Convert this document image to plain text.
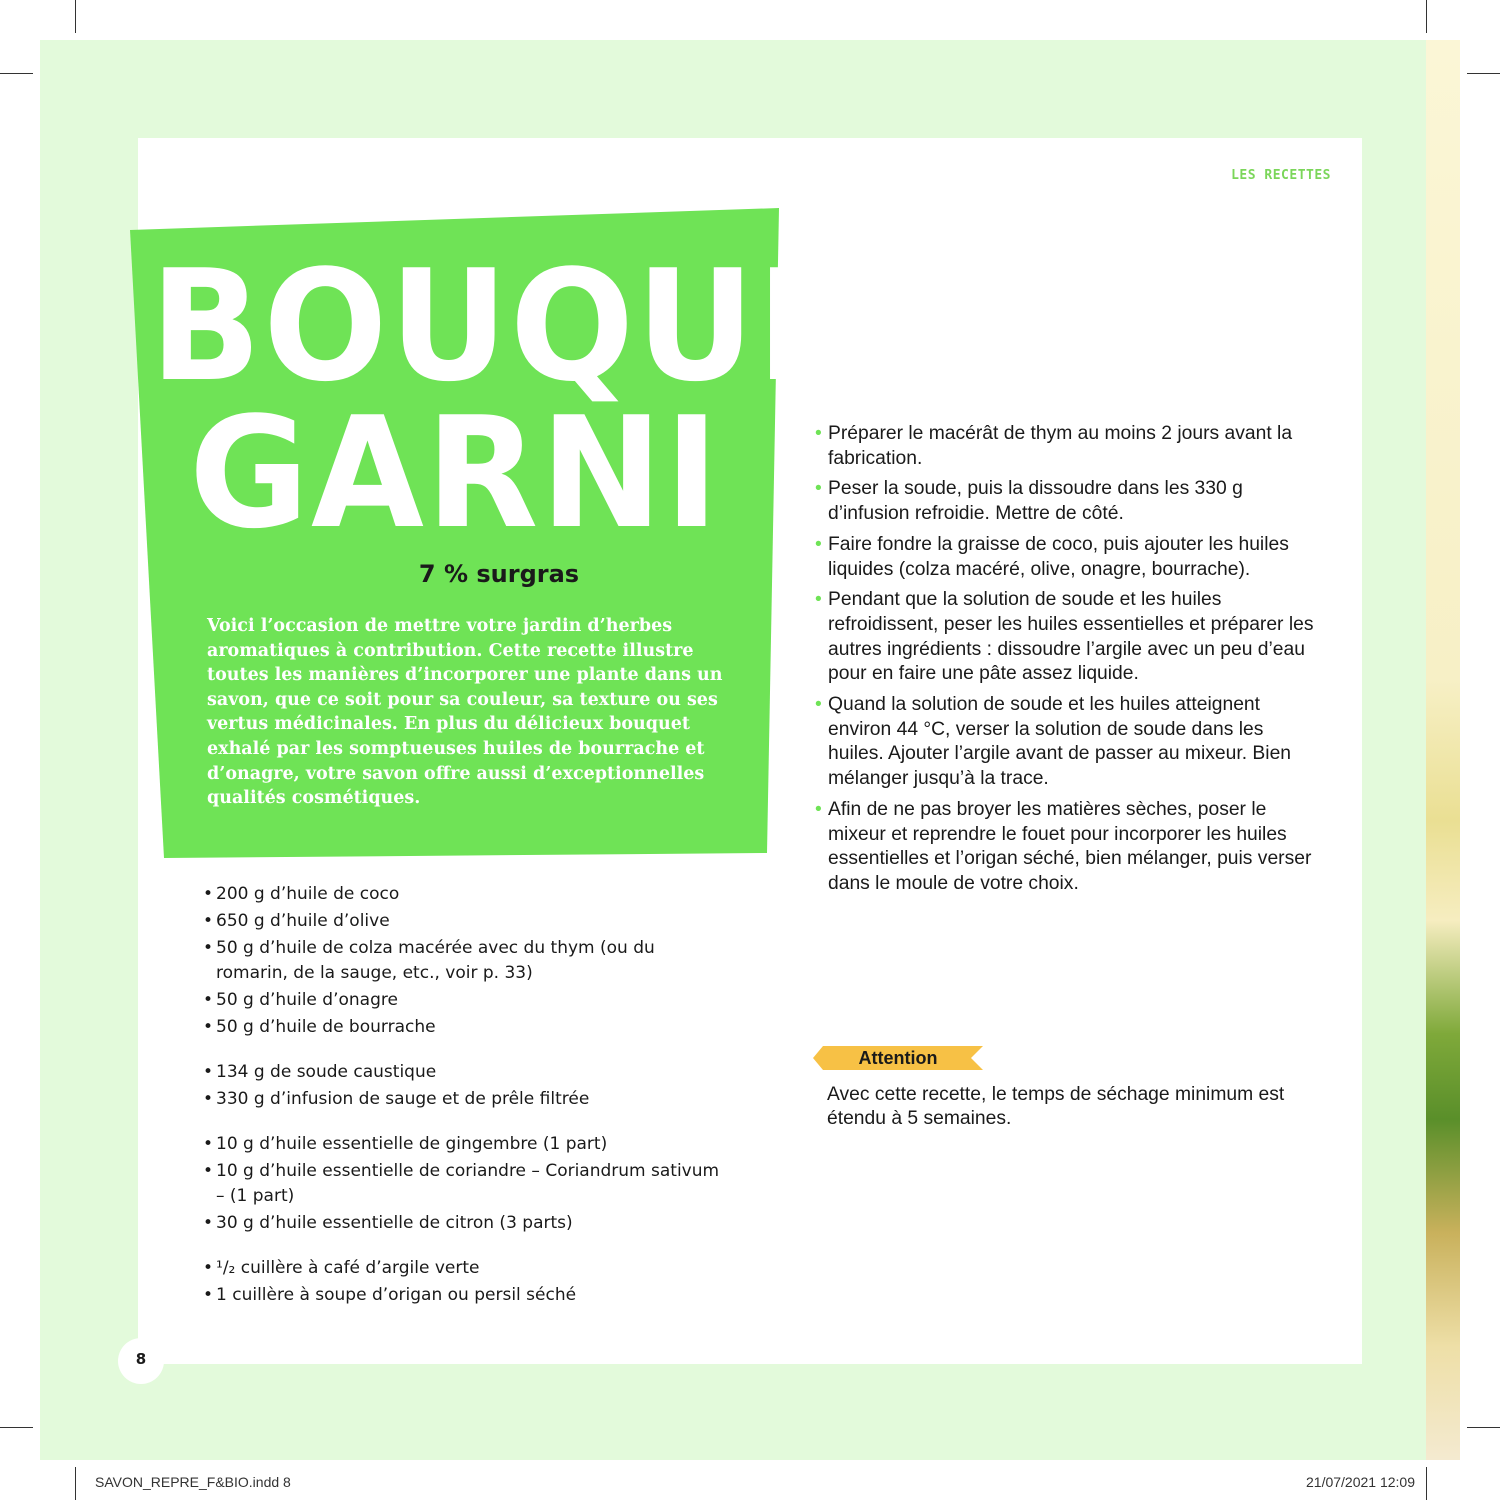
LES RECETTES
BOUQUET
GARNI
7 % surgras

Voici l’occasion de mettre votre jardin d’herbes aromatiques à contribution. Cette recette illustre toutes les manières d’incorporer une plante dans un savon, que ce soit pour sa couleur, sa texture ou ses vertus médicinales. En plus du délicieux bouquet exhalé par les somptueuses huiles de bourrache et d’onagre, votre savon offre aussi d’exceptionnelles qualités cosmétiques.

• 200 g d’huile de coco
• 650 g d’huile d’olive
• 50 g d’huile de colza macérée avec du thym (ou du romarin, de la sauge, etc., voir p. 33)
• 50 g d’huile d’onagre
• 50 g d’huile de bourrache
• 134 g de soude caustique
• 330 g d’infusion de sauge et de prêle filtrée
• 10 g d’huile essentielle de gingembre (1 part)
• 10 g d’huile essentielle de coriandre – Coriandrum sativum – (1 part)
• 30 g d’huile essentielle de citron (3 parts)
• ¹/₂ cuillère à café d’argile verte
• 1 cuillère à soupe d’origan ou persil séché
• Préparer le macérât de thym au moins 2 jours avant la fabrication.
• Peser la soude, puis la dissoudre dans les 330 g d’infusion refroidie. Mettre de côté.
• Faire fondre la graisse de coco, puis ajouter les huiles liquides (colza macéré, olive, onagre, bourrache).
• Pendant que la solution de soude et les huiles refroidissent, peser les huiles essentielles et préparer les autres ingrédients : dissoudre l’argile avec un peu d’eau pour en faire une pâte assez liquide.
• Quand la solution de soude et les huiles atteignent environ 44 °C, verser la solution de soude dans les huiles. Ajouter l’argile avant de passer au mixeur. Bien mélanger jusqu’à la trace.
• Afin de ne pas broyer les matières sèches, poser le mixeur et reprendre le fouet pour incorporer les huiles essentielles et l’origan séché, bien mélanger, puis verser dans le moule de votre choix.
Attention

Avec cette recette, le temps de séchage minimum est étendu à 5 semaines.

8
SAVON_REPRE_F&BIO.indd 8	21/07/2021 12:09
